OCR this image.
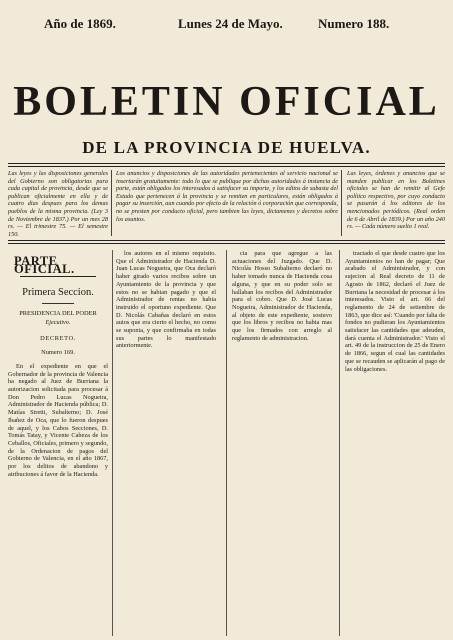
Año de 1869.	Lunes 24 de Mayo.	Numero 188.
BOLETIN OFICIAL
DE LA PROVINCIA DE HUELVA.
Las leyes y las disposiciones generales del Gobierno son obligatorias para cada capital de provincia, desde que se publican oficialmente en ella y de cuatro dias despues para los demas pueblos de la misma provincia. (Ley 3 de Noviembre de 1837.) Por un mes 28 rs. — El trimestre 75. — El semestre 150.
Los anuncios y disposiciones de las autoridades pertenecientes al servicio nacional se insertarán gratuitamente: todo lo que se publique por dichas autoridades á instancia de parte, están obligados los interesados á satisfacer su importe, y los editos de subasta del Estado que pertenecen á la provincia y se remiten en particulares, están obligados á pagar su inserción, aun cuando por efecto de la relación ó corporación que corresponda, no se presten por conducto oficial, pero tambien las leyes, dictamenes y decretos sobre los asuntos.
Las leyes, órdenes y anuncios que se manden publicar en los Boletines oficiales se han de remitir al Gefe político respectivo, por cuyo conducto se pasarán á los editores de los mencionados periódicos. (Real orden de 6 de Abril de 1839.) Por un año 240 rs. — Cada número suelto 1 real.
PARTE OFICIAL.
Primera Seccion.
PRESIDENCIA DEL PODER
Ejecutivo.
DECRETO.
Numero 169.

En el expediente en que el Gobernador de la provincia de Valencia ha negado al Juez de Burriana la autorizacion solicitada para procesar á Don Pedro Lucas Nogueira, Administrador de Hacienda pública; D. Matías Stretti, Subalterno; D. José Ibañez de Oca, que lo fueron despues de aquel, y los Cabos Secciones, D. Tomás Tatay, y Vicente Cabeza de los Ceballos, Oficiales, primero y segundo, de la Ordenacion de pagos del Gobierno de Valencia, en el año 1867, por los delitos de abandono y atribuciones á favor de la Hacienda.

los autores en el mismo requisito. Que el Administrador de Hacienda D. Juan Lucas Nogueira, que Oca declaró haber girado varios recibos sobre un Ayuntamiento de la provincia y que estos no se habian pagado y que el Administrador de rentas no habia instruido el oportuno expediente. Que D. Nicolás Cabañas declaró en estos autos que era cierto el hecho, no como se suponia, y que confirmaba en todas sus partes lo manifestado anteriormente.

cia para que agregue a las actuaciones del Juzgado. Que D. Nicolás Hosso Subalterno declaró no haber tomado nunca de Hacienda cosa alguna, y que en su poder solo se hallaban los recibos del Administrador para el cobro. Que D. José Lucas Nogueira, Administrador de Hacienda, al objeto de este expediente, sostuvo que los libros y recibos no habia mas que los firmados con arreglo al reglamento de administracion.

tractado el que desde cuatro que los Ayuntamientos no han de pagar; Que acabado el Administrador, y con sujecion al Real decreto de 11 de Agosto de 1862, declaró el Juez de Burriana la necesidad de procesar á los interesados. Visto el art. 66 del reglamento de 24 de setiembre de 1863, que dice así: 'Cuando por falta de fondos no pudieran los Ayuntamientos satisfacer las cantidades que adeuden, dará cuenta el Administrador.' Visto el art. 49 de la instruccion de 25 de Enero de 1866, segun el cual las cantidades que se recauden se aplicarán al pago de las obligaciones.
